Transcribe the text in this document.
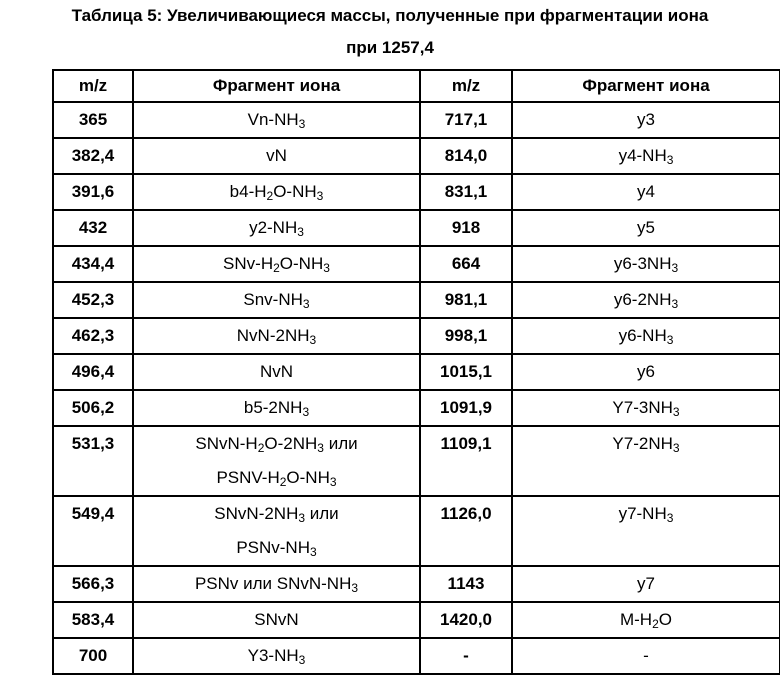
Таблица 5: Увеличивающиеся массы, полученные при фрагментации иона
при 1257,4
m/z	Фрагмент иона	m/z	Фрагмент иона

365	$Vn-NH_3$	717,1	y3

382,4	vN	814,0	$y4-NH_3$

391,6	$b4-H_2O-NH_3$	831,1	y4

432	$y2-NH_3$	918	y5

434,4	SNv-$H_2O-NH_3$	664	$y6-3NH_3$

452,3	Snv-$NH_3$	981,1	$y6-2NH_3$

462,3	NvN-$2NH_3$	998,1	$y6-NH_3$

496,4	NvN	1015,1	y6

506,2	$b5-2NH_3$	1091,9	$Y7-3NH_3$

531,3	SNvN-$H_2O-2NH_3$ или
PSNV-$H_2O-NH_3$	1109,1	$Y7-2NH_3$

549,4	SNvN-$2NH_3$ или
PSNv-$NH_3$	1126,0	$y7-NH_3$

566,3	PSNv или SNvN-$NH_3$	1143	y7

583,4	SNvN	1420,0	$M-H_2O$

700	$Y3-NH_3$	-	-
